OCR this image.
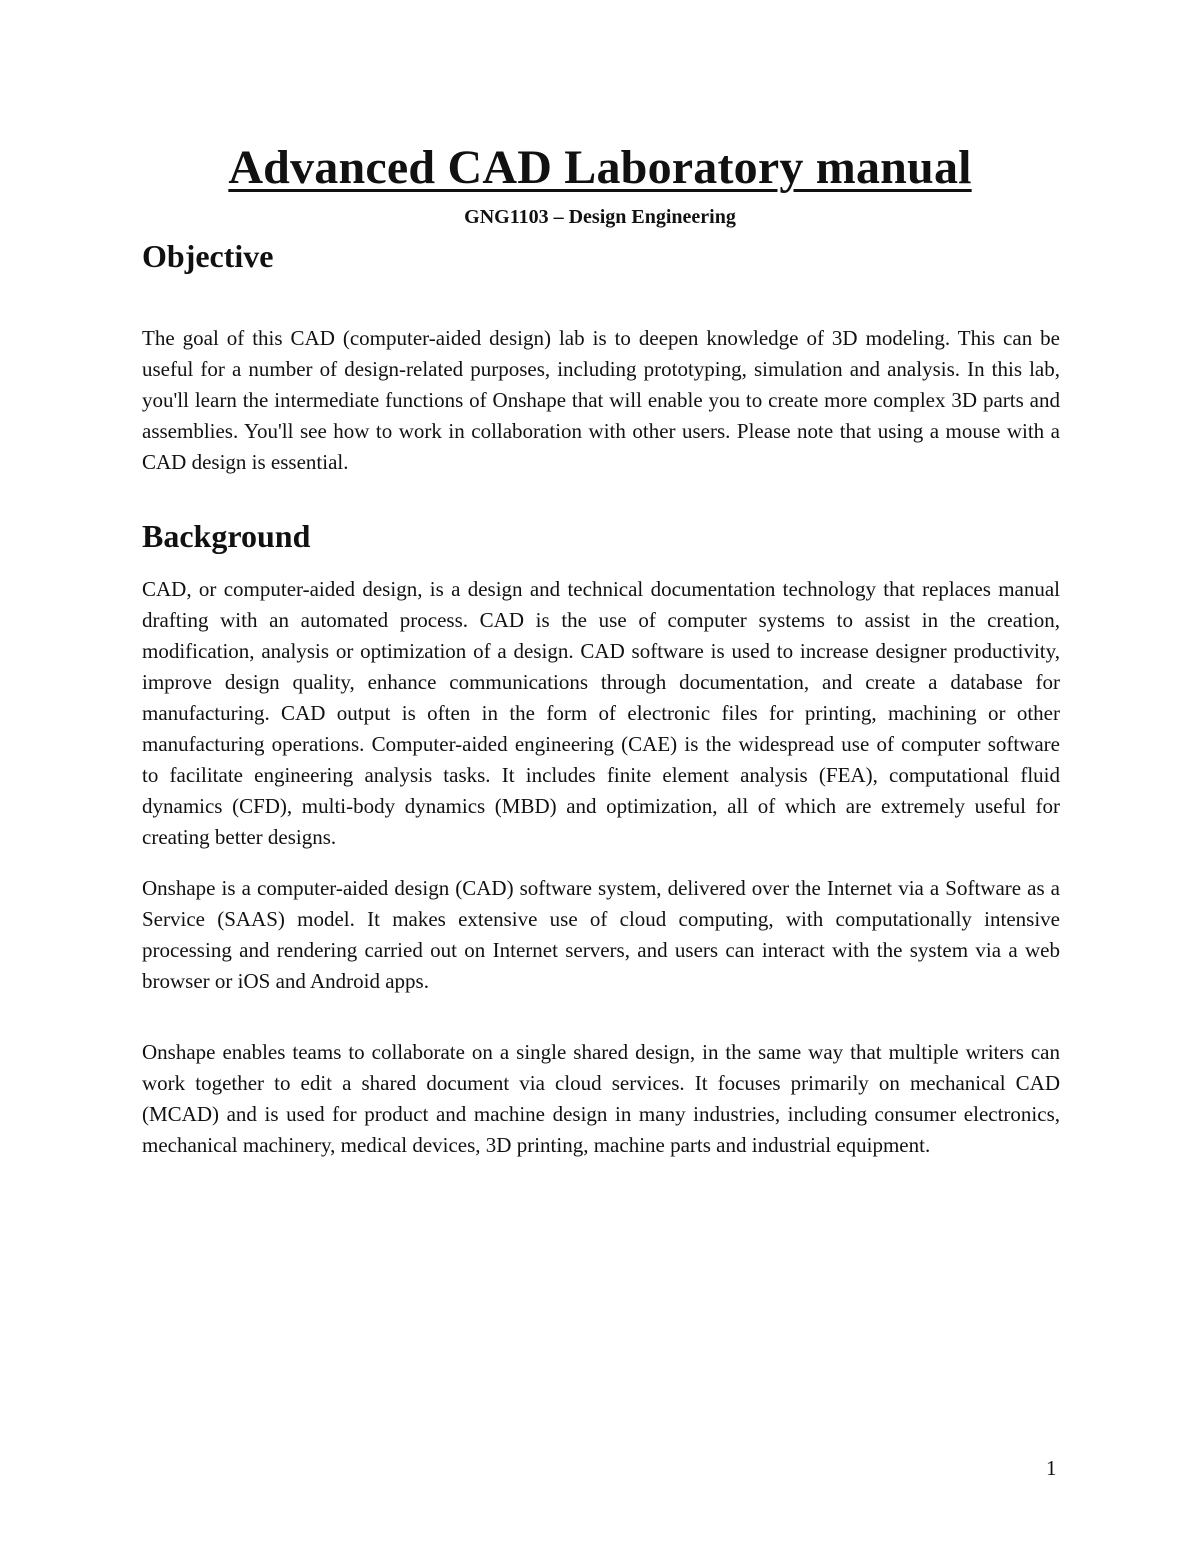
Advanced CAD Laboratory manual

GNG1103 – Design Engineering

Objective

The goal of this CAD (computer-aided design) lab is to deepen knowledge of 3D modeling. This can be useful for a number of design-related purposes, including prototyping, simulation and analysis. In this lab, you'll learn the intermediate functions of Onshape that will enable you to create more complex 3D parts and assemblies. You'll see how to work in collaboration with other users. Please note that using a mouse with a CAD design is essential.

Background

CAD, or computer-aided design, is a design and technical documentation technology that replaces manual drafting with an automated process. CAD is the use of computer systems to assist in the creation, modification, analysis or optimization of a design. CAD software is used to increase designer productivity, improve design quality, enhance communications through documentation, and create a database for manufacturing. CAD output is often in the form of electronic files for printing, machining or other manufacturing operations. Computer-aided engineering (CAE) is the widespread use of computer software to facilitate engineering analysis tasks. It includes finite element analysis (FEA), computational fluid dynamics (CFD), multi-body dynamics (MBD) and optimization, all of which are extremely useful for creating better designs.

Onshape is a computer-aided design (CAD) software system, delivered over the Internet via a Software as a Service (SAAS) model. It makes extensive use of cloud computing, with computationally intensive processing and rendering carried out on Internet servers, and users can interact with the system via a web browser or iOS and Android apps.

Onshape enables teams to collaborate on a single shared design, in the same way that multiple writers can work together to edit a shared document via cloud services. It focuses primarily on mechanical CAD (MCAD) and is used for product and machine design in many industries, including consumer electronics, mechanical machinery, medical devices, 3D printing, machine parts and industrial equipment.

1
